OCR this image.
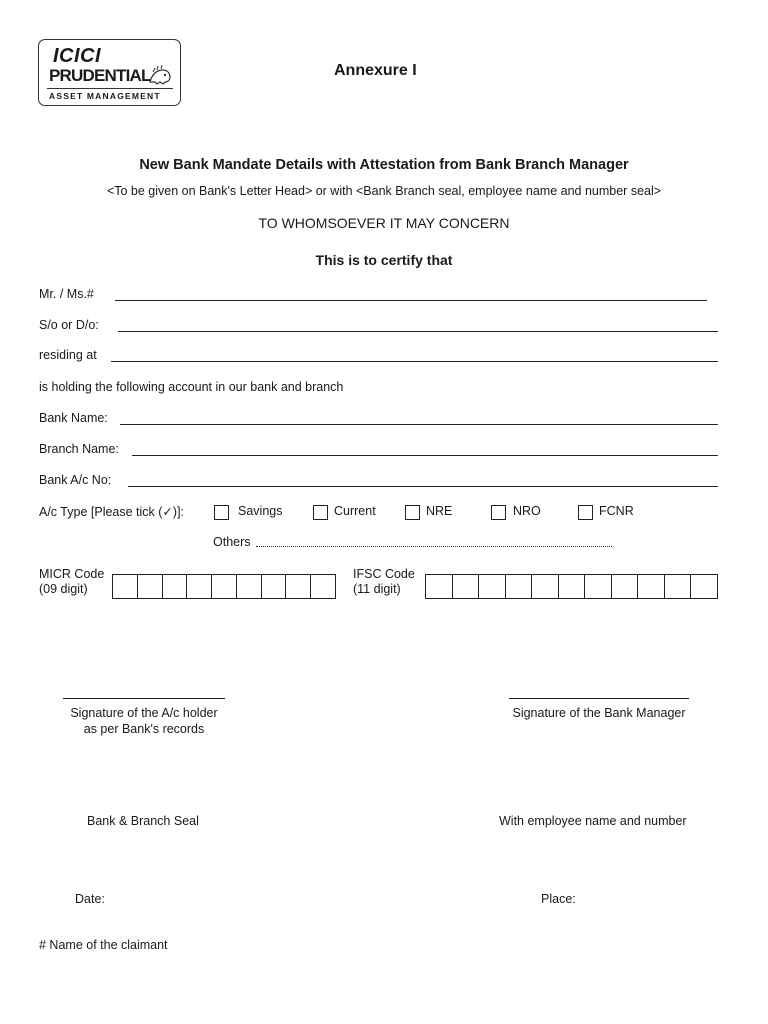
ICICI
PRUDENTIAL
ASSET MANAGEMENT
Annexure I
New Bank Mandate Details with Attestation from Bank Branch Manager
<To be given on Bank's Letter Head> or with <Bank Branch seal, employee name and number seal>
TO WHOMSOEVER IT MAY CONCERN
This is to certify that
Mr. / Ms.#
S/o or D/o:
residing at
is holding the following account in our bank and branch
Bank Name:
Branch Name:
Bank A/c No:
A/c Type [Please tick (✓)]:	Savings	Current	NRE	NRO	FCNR
Others
MICR Code
(09 digit)
IFSC Code
(11 digit)
Signature of the A/c holder
as per Bank's records
Signature of the Bank Manager
Bank & Branch Seal	With employee name and number
Date:	Place:
# Name of the claimant
